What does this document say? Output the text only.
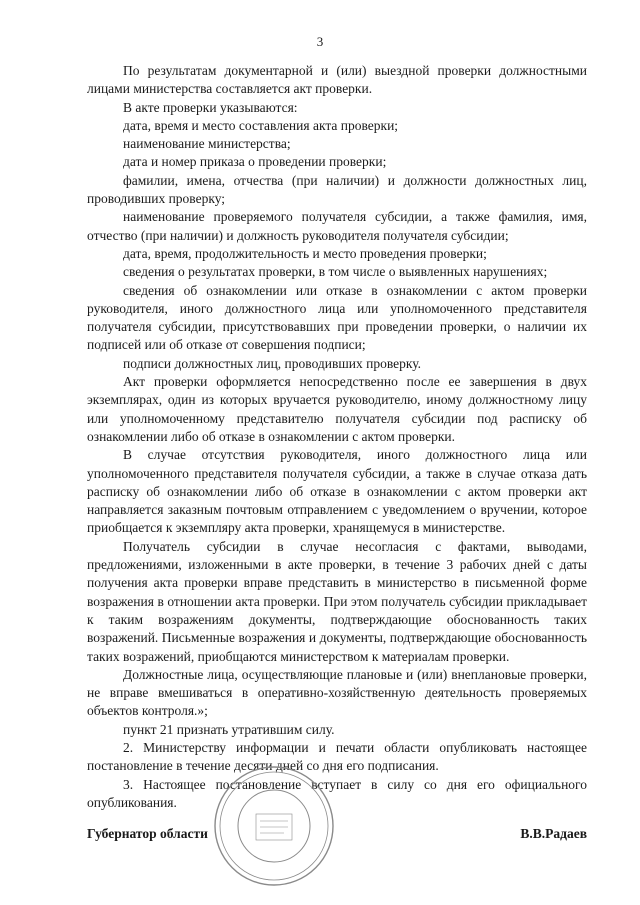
3

По результатам документарной и (или) выездной проверки должностными лицами министерства составляется акт проверки.

В акте проверки указываются:

дата, время и место составления акта проверки;

наименование министерства;

дата и номер приказа о проведении проверки;

фамилии, имена, отчества (при наличии) и должности должностных лиц, проводивших проверку;

наименование проверяемого получателя субсидии, а также фамилия, имя, отчество (при наличии) и должность руководителя получателя субсидии;

дата, время, продолжительность и место проведения проверки;

сведения о результатах проверки, в том числе о выявленных нарушениях;

сведения об ознакомлении или отказе в ознакомлении с актом проверки руководителя, иного должностного лица или уполномоченного представителя получателя субсидии, присутствовавших при проведении проверки, о наличии их подписей или об отказе от совершения подписи;

подписи должностных лиц, проводивших проверку.

Акт проверки оформляется непосредственно после ее завершения в двух экземплярах, один из которых вручается руководителю, иному должностному лицу или уполномоченному представителю получателя субсидии под расписку об ознакомлении либо об отказе в ознакомлении с актом проверки.

В случае отсутствия руководителя, иного должностного лица или уполномоченного представителя получателя субсидии, а также в случае отказа дать расписку об ознакомлении либо об отказе в ознакомлении с актом проверки акт направляется заказным почтовым отправлением с уведомлением о вручении, которое приобщается к экземпляру акта проверки, хранящемуся в министерстве.

Получатель субсидии в случае несогласия с фактами, выводами, предложениями, изложенными в акте проверки, в течение 3 рабочих дней с даты получения акта проверки вправе представить в министерство в письменной форме возражения в отношении акта проверки. При этом получатель субсидии прикладывает к таким возражениям документы, подтверждающие обоснованность таких возражений. Письменные возражения и документы, подтверждающие обоснованность таких возражений, приобщаются министерством к материалам проверки.

Должностные лица, осуществляющие плановые и (или) внеплановые проверки, не вправе вмешиваться в оперативно-хозяйственную деятельность проверяемых объектов контроля.»;

пункт 21 признать утратившим силу.

2. Министерству информации и печати области опубликовать настоящее постановление в течение десяти дней со дня его подписания.

3. Настоящее постановление вступает в силу со дня его официального опубликования.

Губернатор области	В.В.Радаев
